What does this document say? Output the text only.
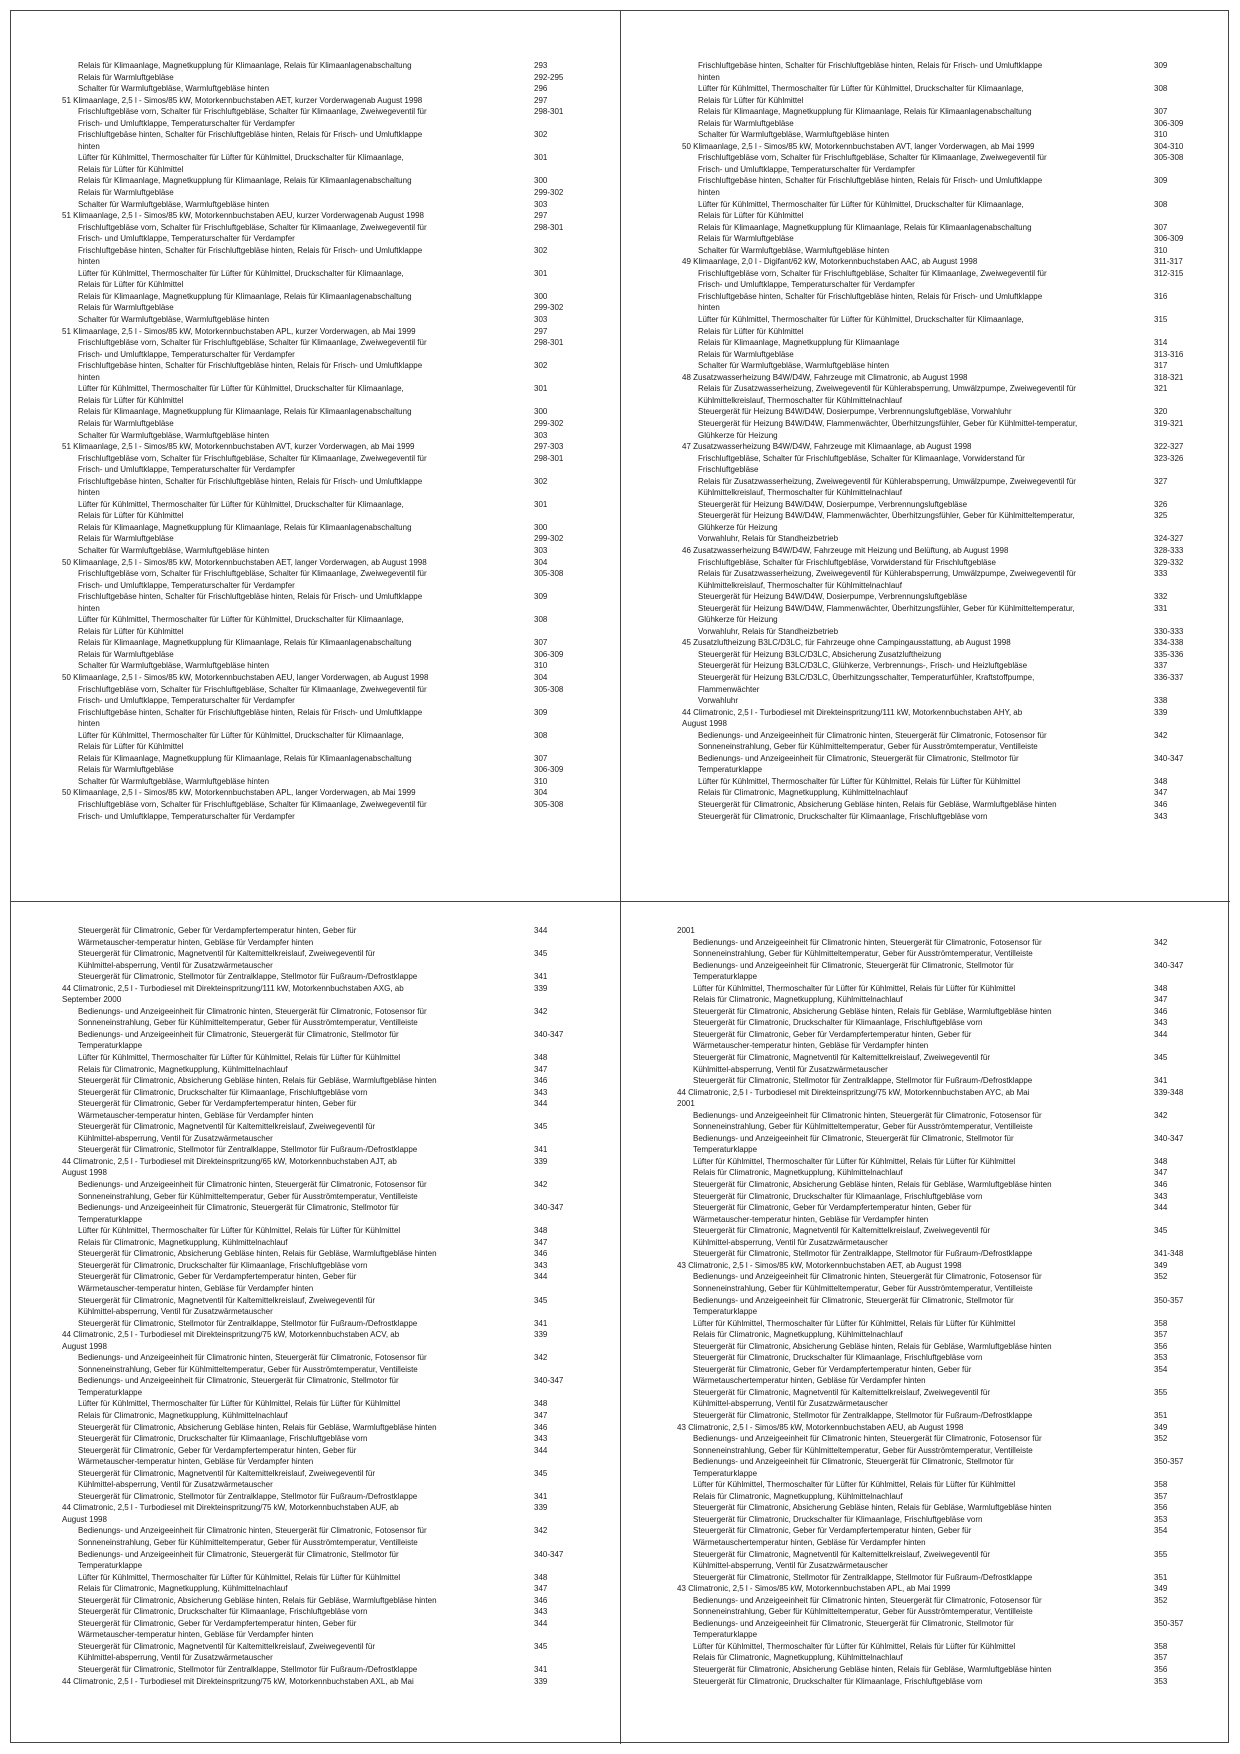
Relais für Klimaanlage, Magnetkupplung für Klimaanlage, Relais für Klimaanlagenabschaltung	293
Relais für Warmluftgebläse	292-295
Schalter für Warmluftgebläse, Warmluftgebläse hinten	296
51 Klimaanlage, 2,5 l - Simos/85 kW, Motorkennbuchstaben AET, kurzer Vorderwagenab August 1998	297
Frischluftgebläse vorn, Schalter für Frischluftgebläse, Schalter für Klimaanlage, Zweiwegeventil für	298-301
Frisch- und Umluftklappe, Temperaturschalter für Verdampfer
Frischluftgebäse hinten, Schalter für Frischluftgebläse hinten, Relais für Frisch- und Umluftklappe	302
hinten
Lüfter für Kühlmittel, Thermoschalter für Lüfter für Kühlmittel, Druckschalter für Klimaanlage,	301
Relais für Lüfter für Kühlmittel
Relais für Klimaanlage, Magnetkupplung für Klimaanlage, Relais für Klimaanlagenabschaltung	300
Relais für Warmluftgebläse	299-302
Schalter für Warmluftgebläse, Warmluftgebläse hinten	303
51 Klimaanlage, 2,5 l - Simos/85 kW, Motorkennbuchstaben AEU, kurzer Vorderwagenab August 1998	297
Frischluftgebläse vorn, Schalter für Frischluftgebläse, Schalter für Klimaanlage, Zweiwegeventil für	298-301
Frisch- und Umluftklappe, Temperaturschalter für Verdampfer
Frischluftgebäse hinten, Schalter für Frischluftgebläse hinten, Relais für Frisch- und Umluftklappe	302
hinten
Lüfter für Kühlmittel, Thermoschalter für Lüfter für Kühlmittel, Druckschalter für Klimaanlage,	301
Relais für Lüfter für Kühlmittel
Relais für Klimaanlage, Magnetkupplung für Klimaanlage, Relais für Klimaanlagenabschaltung	300
Relais für Warmluftgebläse	299-302
Schalter für Warmluftgebläse, Warmluftgebläse hinten	303
51 Klimaanlage, 2,5 l - Simos/85 kW, Motorkennbuchstaben APL, kurzer Vorderwagen, ab Mai 1999	297
Frischluftgebläse vorn, Schalter für Frischluftgebläse, Schalter für Klimaanlage, Zweiwegeventil für	298-301
Frisch- und Umluftklappe, Temperaturschalter für Verdampfer
Frischluftgebäse hinten, Schalter für Frischluftgebläse hinten, Relais für Frisch- und Umluftklappe	302
hinten
Lüfter für Kühlmittel, Thermoschalter für Lüfter für Kühlmittel, Druckschalter für Klimaanlage,	301
Relais für Lüfter für Kühlmittel
Relais für Klimaanlage, Magnetkupplung für Klimaanlage, Relais für Klimaanlagenabschaltung	300
Relais für Warmluftgebläse	299-302
Schalter für Warmluftgebläse, Warmluftgebläse hinten	303
51 Klimaanlage, 2,5 l - Simos/85 kW, Motorkennbuchstaben AVT, kurzer Vorderwagen, ab Mai 1999	297-303
Frischluftgebläse vorn, Schalter für Frischluftgebläse, Schalter für Klimaanlage, Zweiwegeventil für	298-301
Frisch- und Umluftklappe, Temperaturschalter für Verdampfer
Frischluftgebäse hinten, Schalter für Frischluftgebläse hinten, Relais für Frisch- und Umluftklappe	302
hinten
Lüfter für Kühlmittel, Thermoschalter für Lüfter für Kühlmittel, Druckschalter für Klimaanlage,	301
Relais für Lüfter für Kühlmittel
Relais für Klimaanlage, Magnetkupplung für Klimaanlage, Relais für Klimaanlagenabschaltung	300
Relais für Warmluftgebläse	299-302
Schalter für Warmluftgebläse, Warmluftgebläse hinten	303
50 Klimaanlage, 2,5 l - Simos/85 kW, Motorkennbuchstaben AET, langer Vorderwagen, ab August 1998	304
Frischluftgebläse vorn, Schalter für Frischluftgebläse, Schalter für Klimaanlage, Zweiwegeventil für	305-308
Frisch- und Umluftklappe, Temperaturschalter für Verdampfer
Frischluftgebäse hinten, Schalter für Frischluftgebläse hinten, Relais für Frisch- und Umluftklappe	309
hinten
Lüfter für Kühlmittel, Thermoschalter für Lüfter für Kühlmittel, Druckschalter für Klimaanlage,	308
Relais für Lüfter für Kühlmittel
Relais für Klimaanlage, Magnetkupplung für Klimaanlage, Relais für Klimaanlagenabschaltung	307
Relais für Warmluftgebläse	306-309
Schalter für Warmluftgebläse, Warmluftgebläse hinten	310
50 Klimaanlage, 2,5 l - Simos/85 kW, Motorkennbuchstaben AEU, langer Vorderwagen, ab August 1998	304
Frischluftgebläse vorn, Schalter für Frischluftgebläse, Schalter für Klimaanlage, Zweiwegeventil für	305-308
Frisch- und Umluftklappe, Temperaturschalter für Verdampfer
Frischluftgebäse hinten, Schalter für Frischluftgebläse hinten, Relais für Frisch- und Umluftklappe	309
hinten
Lüfter für Kühlmittel, Thermoschalter für Lüfter für Kühlmittel, Druckschalter für Klimaanlage,	308
Relais für Lüfter für Kühlmittel
Relais für Klimaanlage, Magnetkupplung für Klimaanlage, Relais für Klimaanlagenabschaltung	307
Relais für Warmluftgebläse	306-309
Schalter für Warmluftgebläse, Warmluftgebläse hinten	310
50 Klimaanlage, 2,5 l - Simos/85 kW, Motorkennbuchstaben APL, langer Vorderwagen, ab Mai 1999	304
Frischluftgebläse vorn, Schalter für Frischluftgebläse, Schalter für Klimaanlage, Zweiwegeventil für	305-308
Frisch- und Umluftklappe, Temperaturschalter für Verdampfer
Frischluftgebäse hinten, Schalter für Frischluftgebläse hinten, Relais für Frisch- und Umluftklappe	309
hinten
Lüfter für Kühlmittel, Thermoschalter für Lüfter für Kühlmittel, Druckschalter für Klimaanlage,	308
Relais für Lüfter für Kühlmittel
Relais für Klimaanlage, Magnetkupplung für Klimaanlage, Relais für Klimaanlagenabschaltung	307
Relais für Warmluftgebläse	306-309
Schalter für Warmluftgebläse, Warmluftgebläse hinten	310
50 Klimaanlage, 2,5 l - Simos/85 kW, Motorkennbuchstaben AVT, langer Vorderwagen, ab Mai 1999	304-310
Frischluftgebläse vorn, Schalter für Frischluftgebläse, Schalter für Klimaanlage, Zweiwegeventil für	305-308
Frisch- und Umluftklappe, Temperaturschalter für Verdampfer
Frischluftgebäse hinten, Schalter für Frischluftgebläse hinten, Relais für Frisch- und Umluftklappe	309
hinten
Lüfter für Kühlmittel, Thermoschalter für Lüfter für Kühlmittel, Druckschalter für Klimaanlage,	308
Relais für Lüfter für Kühlmittel
Relais für Klimaanlage, Magnetkupplung für Klimaanlage, Relais für Klimaanlagenabschaltung	307
Relais für Warmluftgebläse	306-309
Schalter für Warmluftgebläse, Warmluftgebläse hinten	310
49 Klimaanlage, 2,0 l - Digifant/62 kW, Motorkennbuchstaben AAC, ab August 1998	311-317
Frischluftgebläse vorn, Schalter für Frischluftgebläse, Schalter für Klimaanlage, Zweiwegeventil für	312-315
Frisch- und Umluftklappe, Temperaturschalter für Verdampfer
Frischluftgebäse hinten, Schalter für Frischluftgebläse hinten, Relais für Frisch- und Umluftklappe	316
hinten
Lüfter für Kühlmittel, Thermoschalter für Lüfter für Kühlmittel, Druckschalter für Klimaanlage,	315
Relais für Lüfter für Kühlmittel
Relais für Klimaanlage, Magnetkupplung für Klimaanlage	314
Relais für Warmluftgebläse	313-316
Schalter für Warmluftgebläse, Warmluftgebläse hinten	317
48 Zusatzwasserheizung B4W/D4W, Fahrzeuge mit Climatronic, ab August 1998	318-321
Relais für Zusatzwasserheizung, Zweiwegeventil für Kühlerabsperrung, Umwälzpumpe, Zweiwegeventil für	321
Kühlmittelkreislauf, Thermoschalter für Kühlmittelnachlauf
Steuergerät für Heizung B4W/D4W, Dosierpumpe, Verbrennungsluftgebläse, Vorwahluhr	320
Steuergerät für Heizung B4W/D4W, Flammenwächter, Überhitzungsfühler, Geber für Kühlmittel-temperatur,	319-321
Glühkerze für Heizung
47 Zusatzwasserheizung B4W/D4W, Fahrzeuge mit Klimaanlage, ab August 1998	322-327
Frischluftgebläse, Schalter für Frischluftgebläse, Schalter für Klimaanlage, Vorwiderstand für	323-326
Frischluftgebläse
Relais für Zusatzwasserheizung, Zweiwegeventil für Kühlerabsperrung, Umwälzpumpe, Zweiwegeventil für	327
Kühlmittelkreislauf, Thermoschalter für Kühlmittelnachlauf
Steuergerät für Heizung B4W/D4W, Dosierpumpe, Verbrennungsluftgebläse	326
Steuergerät für Heizung B4W/D4W, Flammenwächter, Überhitzungsfühler, Geber für Kühlmitteltemperatur,	325
Glühkerze für Heizung
Vorwahluhr, Relais für Standheizbetrieb	324-327
46 Zusatzwasserheizung B4W/D4W, Fahrzeuge mit Heizung und Belüftung, ab August 1998	328-333
Frischluftgebläse, Schalter für Frischluftgebläse, Vorwiderstand für Frischluftgebläse	329-332
Relais für Zusatzwasserheizung, Zweiwegeventil für Kühlerabsperrung, Umwälzpumpe, Zweiwegeventil für	333
Kühlmittelkreislauf, Thermoschalter für Kühlmittelnachlauf
Steuergerät für Heizung B4W/D4W, Dosierpumpe, Verbrennungsluftgebläse	332
Steuergerät für Heizung B4W/D4W, Flammenwächter, Überhitzungsfühler, Geber für Kühlmitteltemperatur,	331
Glühkerze für Heizung
Vorwahluhr, Relais für Standheizbetrieb	330-333
45 Zusatzluftheizung B3LC/D3LC, für Fahrzeuge ohne Campingausstattung, ab August 1998	334-338
Steuergerät für Heizung B3LC/D3LC, Absicherung Zusatzluftheizung	335-336
Steuergerät für Heizung B3LC/D3LC, Glühkerze, Verbrennungs-, Frisch- und Heizluftgebläse	337
Steuergerät für Heizung B3LC/D3LC, Überhitzungsschalter, Temperaturfühler, Kraftstoffpumpe,	336-337
Flammenwächter
Vorwahluhr	338
44 Climatronic, 2,5 l - Turbodiesel mit Direkteinspritzung/111 kW, Motorkennbuchstaben AHY, ab	339
August 1998
Bedienungs- und Anzeigeeinheit für Climatronic hinten, Steuergerät für Climatronic, Fotosensor für	342
Sonneneinstrahlung, Geber für Kühlmitteltemperatur, Geber für Ausströmtemperatur, Ventilleiste
Bedienungs- und Anzeigeeinheit für Climatronic, Steuergerät für Climatronic, Stellmotor für	340-347
Temperaturklappe
Lüfter für Kühlmittel, Thermoschalter für Lüfter für Kühlmittel, Relais für Lüfter für Kühlmittel	348
Relais für Climatronic, Magnetkupplung, Kühlmittelnachlauf	347
Steuergerät für Climatronic, Absicherung Gebläse hinten, Relais für Gebläse, Warmluftgebläse hinten	346
Steuergerät für Climatronic, Druckschalter für Klimaanlage, Frischluftgebläse vorn	343
Steuergerät für Climatronic, Geber für Verdampfertemperatur hinten, Geber für	344
Wärmetauscher-temperatur hinten, Gebläse für Verdampfer hinten
Steuergerät für Climatronic, Magnetventil für Kaltemittelkreislauf, Zweiwegeventil für	345
Kühlmittel-absperrung, Ventil für Zusatzwärmetauscher
Steuergerät für Climatronic, Stellmotor für Zentralklappe, Stellmotor für Fußraum-/Defrostklappe	341
44 Climatronic, 2,5 l - Turbodiesel mit Direkteinspritzung/111 kW, Motorkennbuchstaben AXG, ab	339
September 2000
Bedienungs- und Anzeigeeinheit für Climatronic hinten, Steuergerät für Climatronic, Fotosensor für	342
Sonneneinstrahlung, Geber für Kühlmitteltemperatur, Geber für Ausströmtemperatur, Ventilleiste
Bedienungs- und Anzeigeeinheit für Climatronic, Steuergerät für Climatronic, Stellmotor für	340-347
Temperaturklappe
Lüfter für Kühlmittel, Thermoschalter für Lüfter für Kühlmittel, Relais für Lüfter für Kühlmittel	348
Relais für Climatronic, Magnetkupplung, Kühlmittelnachlauf	347
Steuergerät für Climatronic, Absicherung Gebläse hinten, Relais für Gebläse, Warmluftgebläse hinten	346
Steuergerät für Climatronic, Druckschalter für Klimaanlage, Frischluftgebläse vorn	343
Steuergerät für Climatronic, Geber für Verdampfertemperatur hinten, Geber für	344
Wärmetauscher-temperatur hinten, Gebläse für Verdampfer hinten
Steuergerät für Climatronic, Magnetventil für Kaltemittelkreislauf, Zweiwegeventil für	345
Kühlmittel-absperrung, Ventil für Zusatzwärmetauscher
Steuergerät für Climatronic, Stellmotor für Zentralklappe, Stellmotor für Fußraum-/Defrostklappe	341
44 Climatronic, 2,5 l - Turbodiesel mit Direkteinspritzung/65 kW, Motorkennbuchstaben AJT, ab	339
August 1998
Bedienungs- und Anzeigeeinheit für Climatronic hinten, Steuergerät für Climatronic, Fotosensor für	342
Sonneneinstrahlung, Geber für Kühlmitteltemperatur, Geber für Ausströmtemperatur, Ventilleiste
Bedienungs- und Anzeigeeinheit für Climatronic, Steuergerät für Climatronic, Stellmotor für	340-347
Temperaturklappe
Lüfter für Kühlmittel, Thermoschalter für Lüfter für Kühlmittel, Relais für Lüfter für Kühlmittel	348
Relais für Climatronic, Magnetkupplung, Kühlmittelnachlauf	347
Steuergerät für Climatronic, Absicherung Gebläse hinten, Relais für Gebläse, Warmluftgebläse hinten	346
Steuergerät für Climatronic, Druckschalter für Klimaanlage, Frischluftgebläse vorn	343
Steuergerät für Climatronic, Geber für Verdampfertemperatur hinten, Geber für	344
Wärmetauscher-temperatur hinten, Gebläse für Verdampfer hinten
Steuergerät für Climatronic, Magnetventil für Kaltemittelkreislauf, Zweiwegeventil für	345
Kühlmittel-absperrung, Ventil für Zusatzwärmetauscher
Steuergerät für Climatronic, Stellmotor für Zentralklappe, Stellmotor für Fußraum-/Defrostklappe	341
44 Climatronic, 2,5 l - Turbodiesel mit Direkteinspritzung/75 kW, Motorkennbuchstaben ACV, ab	339
August 1998
Bedienungs- und Anzeigeeinheit für Climatronic hinten, Steuergerät für Climatronic, Fotosensor für	342
Sonneneinstrahlung, Geber für Kühlmitteltemperatur, Geber für Ausströmtemperatur, Ventilleiste
Bedienungs- und Anzeigeeinheit für Climatronic, Steuergerät für Climatronic, Stellmotor für	340-347
Temperaturklappe
Lüfter für Kühlmittel, Thermoschalter für Lüfter für Kühlmittel, Relais für Lüfter für Kühlmittel	348
Relais für Climatronic, Magnetkupplung, Kühlmittelnachlauf	347
Steuergerät für Climatronic, Absicherung Gebläse hinten, Relais für Gebläse, Warmluftgebläse hinten	346
Steuergerät für Climatronic, Druckschalter für Klimaanlage, Frischluftgebläse vorn	343
Steuergerät für Climatronic, Geber für Verdampfertemperatur hinten, Geber für	344
Wärmetauscher-temperatur hinten, Gebläse für Verdampfer hinten
Steuergerät für Climatronic, Magnetventil für Kaltemittelkreislauf, Zweiwegeventil für	345
Kühlmittel-absperrung, Ventil für Zusatzwärmetauscher
Steuergerät für Climatronic, Stellmotor für Zentralklappe, Stellmotor für Fußraum-/Defrostklappe	341
44 Climatronic, 2,5 l - Turbodiesel mit Direkteinspritzung/75 kW, Motorkennbuchstaben AUF, ab	339
August 1998
Bedienungs- und Anzeigeeinheit für Climatronic hinten, Steuergerät für Climatronic, Fotosensor für	342
Sonneneinstrahlung, Geber für Kühlmitteltemperatur, Geber für Ausströmtemperatur, Ventilleiste
Bedienungs- und Anzeigeeinheit für Climatronic, Steuergerät für Climatronic, Stellmotor für	340-347
Temperaturklappe
Lüfter für Kühlmittel, Thermoschalter für Lüfter für Kühlmittel, Relais für Lüfter für Kühlmittel	348
Relais für Climatronic, Magnetkupplung, Kühlmittelnachlauf	347
Steuergerät für Climatronic, Absicherung Gebläse hinten, Relais für Gebläse, Warmluftgebläse hinten	346
Steuergerät für Climatronic, Druckschalter für Klimaanlage, Frischluftgebläse vorn	343
Steuergerät für Climatronic, Geber für Verdampfertemperatur hinten, Geber für	344
Wärmetauscher-temperatur hinten, Gebläse für Verdampfer hinten
Steuergerät für Climatronic, Magnetventil für Kaltemittelkreislauf, Zweiwegeventil für	345
Kühlmittel-absperrung, Ventil für Zusatzwärmetauscher
Steuergerät für Climatronic, Stellmotor für Zentralklappe, Stellmotor für Fußraum-/Defrostklappe	341
44 Climatronic, 2,5 l - Turbodiesel mit Direkteinspritzung/75 kW, Motorkennbuchstaben AXL, ab Mai	339
2001
Bedienungs- und Anzeigeeinheit für Climatronic hinten, Steuergerät für Climatronic, Fotosensor für	342
Sonneneinstrahlung, Geber für Kühlmitteltemperatur, Geber für Ausströmtemperatur, Ventilleiste
Bedienungs- und Anzeigeeinheit für Climatronic, Steuergerät für Climatronic, Stellmotor für	340-347
Temperaturklappe
Lüfter für Kühlmittel, Thermoschalter für Lüfter für Kühlmittel, Relais für Lüfter für Kühlmittel	348
Relais für Climatronic, Magnetkupplung, Kühlmittelnachlauf	347
Steuergerät für Climatronic, Absicherung Gebläse hinten, Relais für Gebläse, Warmluftgebläse hinten	346
Steuergerät für Climatronic, Druckschalter für Klimaanlage, Frischluftgebläse vorn	343
Steuergerät für Climatronic, Geber für Verdampfertemperatur hinten, Geber für	344
Wärmetauscher-temperatur hinten, Gebläse für Verdampfer hinten
Steuergerät für Climatronic, Magnetventil für Kaltemittelkreislauf, Zweiwegeventil für	345
Kühlmittel-absperrung, Ventil für Zusatzwärmetauscher
Steuergerät für Climatronic, Stellmotor für Zentralklappe, Stellmotor für Fußraum-/Defrostklappe	341
44 Climatronic, 2,5 l - Turbodiesel mit Direkteinspritzung/75 kW, Motorkennbuchstaben AYC, ab Mai	339-348
2001
Bedienungs- und Anzeigeeinheit für Climatronic hinten, Steuergerät für Climatronic, Fotosensor für	342
Sonneneinstrahlung, Geber für Kühlmitteltemperatur, Geber für Ausströmtemperatur, Ventilleiste
Bedienungs- und Anzeigeeinheit für Climatronic, Steuergerät für Climatronic, Stellmotor für	340-347
Temperaturklappe
Lüfter für Kühlmittel, Thermoschalter für Lüfter für Kühlmittel, Relais für Lüfter für Kühlmittel	348
Relais für Climatronic, Magnetkupplung, Kühlmittelnachlauf	347
Steuergerät für Climatronic, Absicherung Gebläse hinten, Relais für Gebläse, Warmluftgebläse hinten	346
Steuergerät für Climatronic, Druckschalter für Klimaanlage, Frischluftgebläse vorn	343
Steuergerät für Climatronic, Geber für Verdampfertemperatur hinten, Geber für	344
Wärmetauscher-temperatur hinten, Gebläse für Verdampfer hinten
Steuergerät für Climatronic, Magnetventil für Kaltemittelkreislauf, Zweiwegeventil für	345
Kühlmittel-absperrung, Ventil für Zusatzwärmetauscher
Steuergerät für Climatronic, Stellmotor für Zentralklappe, Stellmotor für Fußraum-/Defrostklappe	341-348
43 Climatronic, 2,5 l - Simos/85 kW, Motorkennbuchstaben AET, ab August 1998	349
Bedienungs- und Anzeigeeinheit für Climatronic hinten, Steuergerät für Climatronic, Fotosensor für	352
Sonneneinstrahlung, Geber für Kühlmitteltemperatur, Geber für Ausströmtemperatur, Ventilleiste
Bedienungs- und Anzeigeeinheit für Climatronic, Steuergerät für Climatronic, Stellmotor für	350-357
Temperaturklappe
Lüfter für Kühlmittel, Thermoschalter für Lüfter für Kühlmittel, Relais für Lüfter für Kühlmittel	358
Relais für Climatronic, Magnetkupplung, Kühlmittelnachlauf	357
Steuergerät für Climatronic, Absicherung Gebläse hinten, Relais für Gebläse, Warmluftgebläse hinten	356
Steuergerät für Climatronic, Druckschalter für Klimaanlage, Frischluftgebläse vorn	353
Steuergerät für Climatronic, Geber für Verdampfertemperatur hinten, Geber für	354
Wärmetauschertemperatur hinten, Gebläse für Verdampfer hinten
Steuergerät für Climatronic, Magnetventil für Kaltemittelkreislauf, Zweiwegeventil für	355
Kühlmittel-absperrung, Ventil für Zusatzwärmetauscher
Steuergerät für Climatronic, Stellmotor für Zentralklappe, Stellmotor für Fußraum-/Defrostklappe	351
43 Climatronic, 2,5 l - Simos/85 kW, Motorkennbuchstaben AEU, ab August 1998	349
Bedienungs- und Anzeigeeinheit für Climatronic hinten, Steuergerät für Climatronic, Fotosensor für	352
Sonneneinstrahlung, Geber für Kühlmitteltemperatur, Geber für Ausströmtemperatur, Ventilleiste
Bedienungs- und Anzeigeeinheit für Climatronic, Steuergerät für Climatronic, Stellmotor für	350-357
Temperaturklappe
Lüfter für Kühlmittel, Thermoschalter für Lüfter für Kühlmittel, Relais für Lüfter für Kühlmittel	358
Relais für Climatronic, Magnetkupplung, Kühlmittelnachlauf	357
Steuergerät für Climatronic, Absicherung Gebläse hinten, Relais für Gebläse, Warmluftgebläse hinten	356
Steuergerät für Climatronic, Druckschalter für Klimaanlage, Frischluftgebläse vorn	353
Steuergerät für Climatronic, Geber für Verdampfertemperatur hinten, Geber für	354
Wärmetauschertemperatur hinten, Gebläse für Verdampfer hinten
Steuergerät für Climatronic, Magnetventil für Kaltemittelkreislauf, Zweiwegeventil für	355
Kühlmittel-absperrung, Ventil für Zusatzwärmetauscher
Steuergerät für Climatronic, Stellmotor für Zentralklappe, Stellmotor für Fußraum-/Defrostklappe	351
43 Climatronic, 2,5 l - Simos/85 kW, Motorkennbuchstaben APL, ab Mai 1999	349
Bedienungs- und Anzeigeeinheit für Climatronic hinten, Steuergerät für Climatronic, Fotosensor für	352
Sonneneinstrahlung, Geber für Kühlmitteltemperatur, Geber für Ausströmtemperatur, Ventilleiste
Bedienungs- und Anzeigeeinheit für Climatronic, Steuergerät für Climatronic, Stellmotor für	350-357
Temperaturklappe
Lüfter für Kühlmittel, Thermoschalter für Lüfter für Kühlmittel, Relais für Lüfter für Kühlmittel	358
Relais für Climatronic, Magnetkupplung, Kühlmittelnachlauf	357
Steuergerät für Climatronic, Absicherung Gebläse hinten, Relais für Gebläse, Warmluftgebläse hinten	356
Steuergerät für Climatronic, Druckschalter für Klimaanlage, Frischluftgebläse vorn	353
